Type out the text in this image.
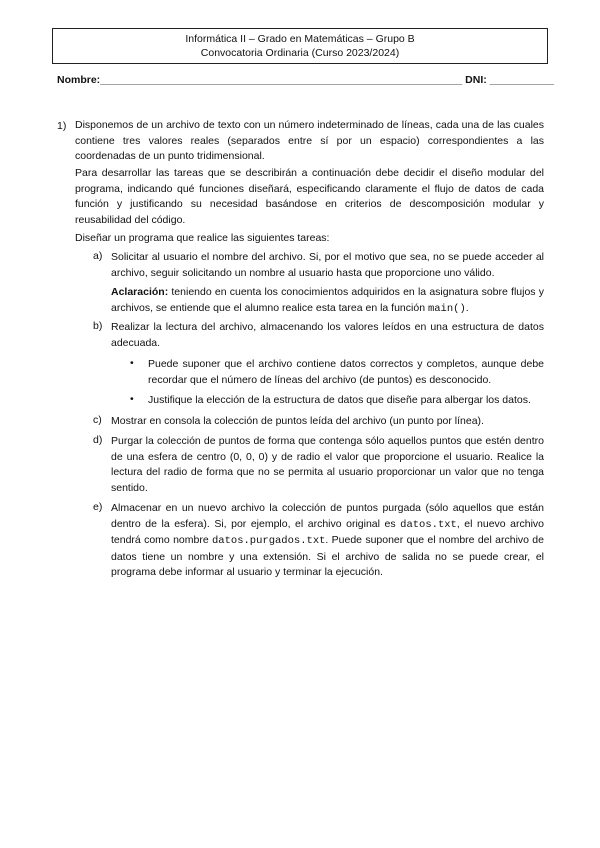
Informática II – Grado en Matemáticas – Grupo B
Convocatoria Ordinaria (Curso 2023/2024)
Nombre:______________________________________________________________ DNI: ___________
1) Disponemos de un archivo de texto con un número indeterminado de líneas, cada una de las cuales contiene tres valores reales (separados entre sí por un espacio) correspondientes a las coordenadas de un punto tridimensional.

Para desarrollar las tareas que se describirán a continuación debe decidir el diseño modular del programa, indicando qué funciones diseñará, especificando claramente el flujo de datos de cada función y justificando su necesidad basándose en criterios de descomposición modular y reusabilidad del código.

Diseñar un programa que realice las siguientes tareas:

a) Solicitar al usuario el nombre del archivo. Si, por el motivo que sea, no se puede acceder al archivo, seguir solicitando un nombre al usuario hasta que proporcione uno válido.

Aclaración: teniendo en cuenta los conocimientos adquiridos en la asignatura sobre flujos y archivos, se entiende que el alumno realice esta tarea en la función main().

b) Realizar la lectura del archivo, almacenando los valores leídos en una estructura de datos adecuada.

• Puede suponer que el archivo contiene datos correctos y completos, aunque debe recordar que el número de líneas del archivo (de puntos) es desconocido.

• Justifique la elección de la estructura de datos que diseñe para albergar los datos.

c) Mostrar en consola la colección de puntos leída del archivo (un punto por línea).

d) Purgar la colección de puntos de forma que contenga sólo aquellos puntos que estén dentro de una esfera de centro (0, 0, 0) y de radio el valor que proporcione el usuario. Realice la lectura del radio de forma que no se permita al usuario proporcionar un valor que no tenga sentido.

e) Almacenar en un nuevo archivo la colección de puntos purgada (sólo aquellos que están dentro de la esfera). Si, por ejemplo, el archivo original es datos.txt, el nuevo archivo tendrá como nombre datos.purgados.txt. Puede suponer que el nombre del archivo de datos tiene un nombre y una extensión. Si el archivo de salida no se puede crear, el programa debe informar al usuario y terminar la ejecución.
